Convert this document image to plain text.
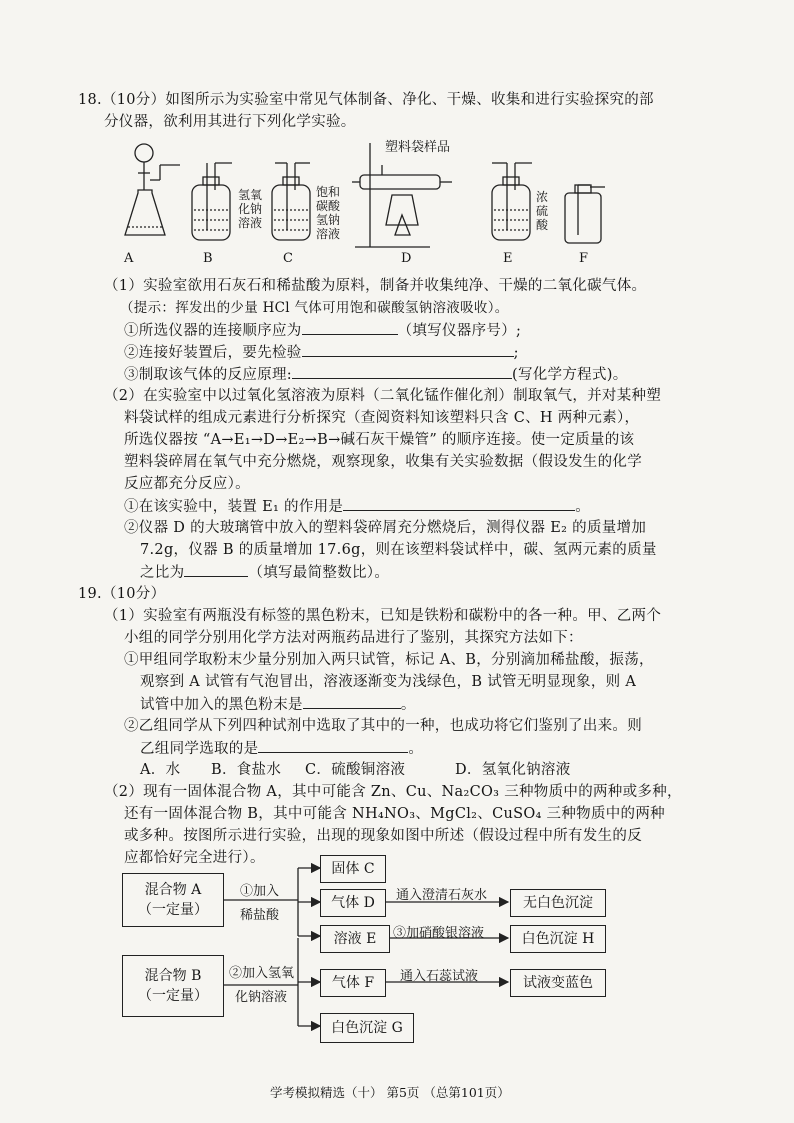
18.（10分）如图所示为实验室中常见气体制备、净化、干燥、收集和进行实验探究的部
分仪器，欲利用其进行下列化学实验。
A	B	C	D	E	F
氢氧化钠溶液
饱和碳酸氢钠溶液
塑料袋样品
浓硫酸
（1）实验室欲用石灰石和稀盐酸为原料，制备并收集纯净、干燥的二氧化碳气体。
（提示：挥发出的少量 HCl 气体可用饱和碳酸氢钠溶液吸收）。
①所选仪器的连接顺序应为	（填写仪器序号）;
②连接好装置后，要先检验	;
③制取该气体的反应原理:	(写化学方程式)。
（2）在实验室中以过氧化氢溶液为原料（二氧化锰作催化剂）制取氧气，并对某种塑
料袋试样的组成元素进行分析探究（查阅资料知该塑料只含 C、H 两种元素），
所选仪器按 “A→E₁→D→E₂→B→碱石灰干燥管” 的顺序连接。使一定质量的该
塑料袋碎屑在氧气中充分燃烧，观察现象，收集有关实验数据（假设发生的化学
反应都充分反应）。
①在该实验中，装置 E₁ 的作用是	。
②仪器 D 的大玻璃管中放入的塑料袋碎屑充分燃烧后，测得仪器 E₂ 的质量增加
7.2g，仪器 B 的质量增加 17.6g，则在该塑料袋试样中，碳、氢两元素的质量
之比为	（填写最简整数比）。
19.（10分）
（1）实验室有两瓶没有标签的黑色粉末，已知是铁粉和碳粉中的各一种。甲、乙两个
小组的同学分别用化学方法对两瓶药品进行了鉴别，其探究方法如下：
①甲组同学取粉末少量分别加入两只试管，标记 A、B，分别滴加稀盐酸，振荡，
观察到 A 试管有气泡冒出，溶液逐渐变为浅绿色，B 试管无明显现象，则 A
试管中加入的黑色粉末是	。
②乙组同学从下列四种试剂中选取了其中的一种，也成功将它们鉴别了出来。则
乙组同学选取的是	。
A．水 B．食盐水 C．硫酸铜溶液	D．氢氧化钠溶液
（2）现有一固体混合物 A，其中可能含 Zn、Cu、Na₂CO₃ 三种物质中的两种或多种，
还有一固体混合物 B，其中可能含 NH₄NO₃、MgCl₂、CuSO₄ 三种物质中的两种
或多种。按图所示进行实验，出现的现象如图中所述（假设过程中所有发生的反
应都恰好完全进行）。
混合物 A
（一定量）
混合物 B
（一定量）
①加入
稀盐酸
②加入氢氧
化钠溶液
固体 C
气体 D
溶液 E
气体 F
白色沉淀 G
通入澄清石灰水
③加硝酸银溶液
通入石蕊试液
无白色沉淀
白色沉淀 H
试液变蓝色
学考模拟精选（十） 第5页 （总第101页）
